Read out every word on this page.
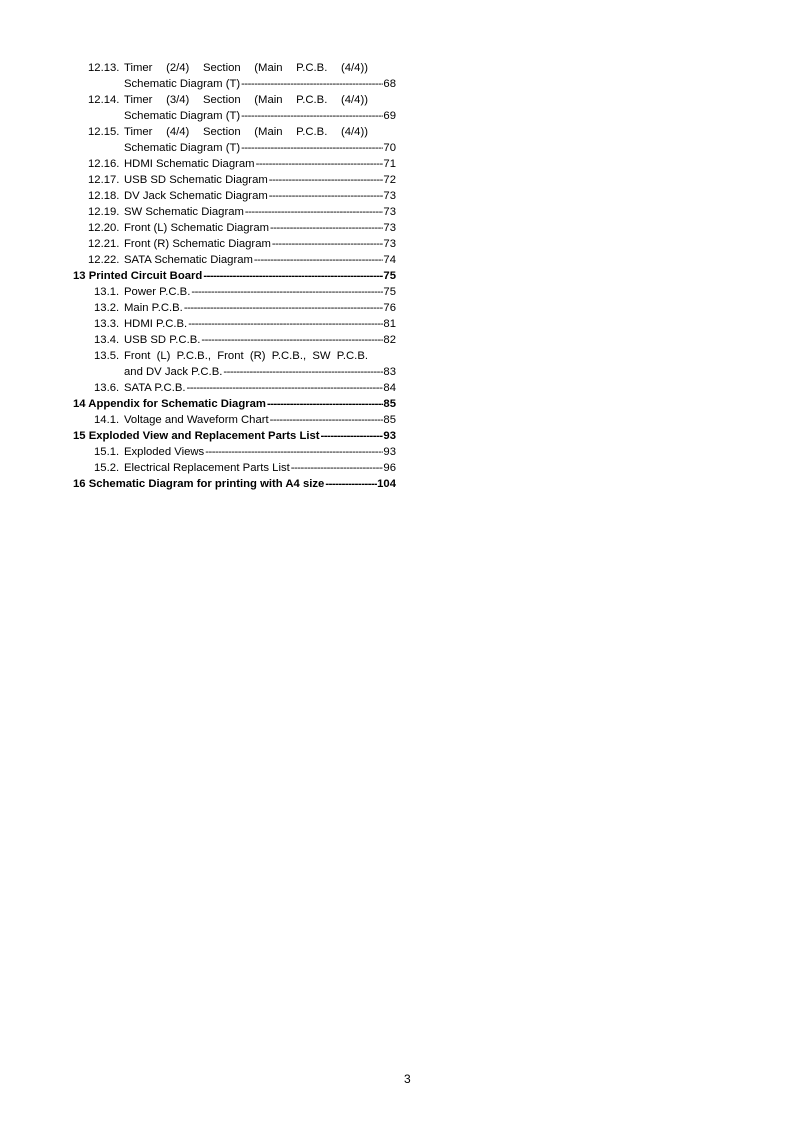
12.13. Timer (2/4) Section (Main P.C.B. (4/4))
Schematic Diagram (T) -----	68
12.14. Timer (3/4) Section (Main P.C.B. (4/4))
Schematic Diagram (T) -----	69
12.15. Timer (4/4) Section (Main P.C.B. (4/4))
Schematic Diagram (T) -----	70
12.16. HDMI Schematic Diagram -----	71
12.17. USB SD Schematic Diagram -----	72
12.18. DV Jack Schematic Diagram -----	73
12.19. SW Schematic Diagram -----	73
12.20. Front (L) Schematic Diagram -----	73
12.21. Front (R) Schematic Diagram -----	73
12.22. SATA Schematic Diagram -----	74
13 Printed Circuit Board -----	75
13.1. Power P.C.B. -----	75
13.2. Main P.C.B. -----	76
13.3. HDMI P.C.B. -----	81
13.4. USB SD P.C.B. -----	82
13.5. Front (L) P.C.B., Front (R) P.C.B., SW P.C.B.
and DV Jack P.C.B. -----	83
13.6. SATA P.C.B. -----	84
14 Appendix for Schematic Diagram -----	85
14.1. Voltage and Waveform Chart -----	85
15 Exploded View and Replacement Parts List -----	93
15.1. Exploded Views -----	93
15.2. Electrical Replacement Parts List -----	96
16 Schematic Diagram for printing with A4 size -----	104
3
